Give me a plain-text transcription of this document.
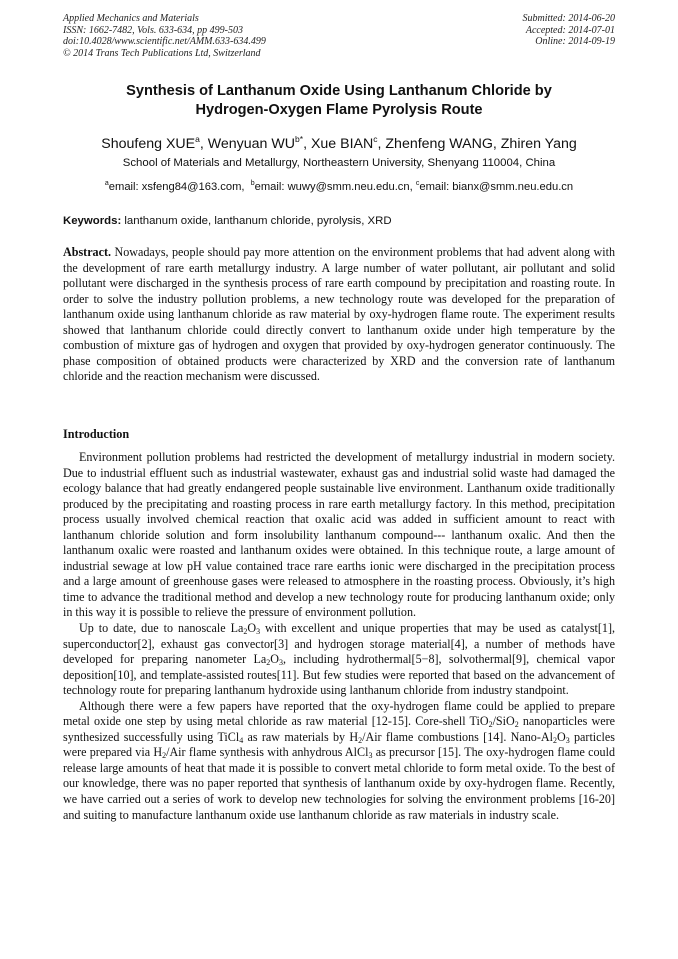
Applied Mechanics and Materials
ISSN: 1662-7482, Vols. 633-634, pp 499-503
doi:10.4028/www.scientific.net/AMM.633-634.499
© 2014 Trans Tech Publications Ltd, Switzerland
Submitted: 2014-06-20
Accepted: 2014-07-01
Online: 2014-09-19
Synthesis of Lanthanum Oxide Using Lanthanum Chloride by
Hydrogen-Oxygen Flame Pyrolysis Route
Shoufeng XUE$^a$, Wenyuan $WU^{b*}$, Xue BIAN$^c$, Zhenfeng WANG, Zhiren Yang
School of Materials and Metallurgy, Northeastern University, Shenyang 110004, China
$^a$email: xsfeng84@163.com, $^b$email: wuwy@smm.neu.edu.cn, $^c$email: bianx@smm.neu.edu.cn
Keywords: lanthanum oxide, lanthanum chloride, pyrolysis, XRD
Abstract. Nowadays, people should pay more attention on the environment problems that had advent along with the development of rare earth metallurgy industry. A large number of water pollutant, air pollutant and solid pollutant were discharged in the synthesis process of rare earth compound by precipitation and roasting route. In order to solve the industry pollution problems, a new technology route was developed for the preparation of lanthanum oxide using lanthanum chloride as raw material by oxy-hydrogen flame route. The experiment results showed that lanthanum chloride could directly convert to lanthanum oxide under high temperature by the combustion of mixture gas of hydrogen and oxygen that provided by oxy-hydrogen generator continuously. The phase composition of obtained products were characterized by XRD and the conversion rate of lanthanum chloride and the reaction mechanism were discussed.
Introduction

Environment pollution problems had restricted the development of metallurgy industrial in modern society. Due to industrial effluent such as industrial wastewater, exhaust gas and industrial solid waste had damaged the ecology balance that had greatly endangered people sustainable live environment. Lanthanum oxide traditionally produced by the precipitating and roasting process in rare earth metallurgy factory. In this method, precipitation process usually involved chemical reaction that oxalic acid was added in sufficient amount to react with lanthanum chloride solution and form insolubility lanthanum compound--- lanthanum oxalic. And then the lanthanum oxalic were roasted and lanthanum oxides were obtained. In this technique route, a large amount of industrial sewage at low pH value contained trace rare earths ionic were discharged in the precipitation process and a large amount of greenhouse gases were released to atmosphere in the roasting process. Obviously, it’s high time to advance the traditional method and develop a new technology route for producing lanthanum oxide; only in this way it is possible to relieve the pressure of environment pollution.

Up to date, due to nanoscale $La_2O_3$ with excellent and unique properties that may be used as catalyst[1], superconductor[2], exhaust gas convector[3] and hydrogen storage material[4], a number of methods have developed for preparing nanometer $La_2O_3$, including hydrothermal[5−8], solvothermal[9], chemical vapor deposition[10], and template-assisted routes[11]. But few studies were reported that based on the advancement of technology route for preparing lanthanum hydroxide using lanthanum chloride from industry standpoint.

Although there were a few papers have reported that the oxy-hydrogen flame could be applied to prepare metal oxide one step by using metal chloride as raw material [12-15]. Core-shell TiO$_2$/SiO$_2$ nanoparticles were synthesized successfully using TiCl$_4$ as raw materials by $H_2$/Air flame combustions [14]. Nano-$Al_2O_3$ particles were prepared via $H_2$/Air flame synthesis with anhydrous AlCl$_3$ as precursor [15]. The oxy-hydrogen flame could release large amounts of heat that made it is possible to convert metal chloride to form metal oxide. To the best of our knowledge, there was no paper reported that synthesis of lanthanum oxide by oxy-hydrogen flame. Recently, we have carried out a series of work to develop new technologies for solving the environment problems [16-20] and suiting to manufacture lanthanum oxide use lanthanum chloride as raw materials in industry scale.
